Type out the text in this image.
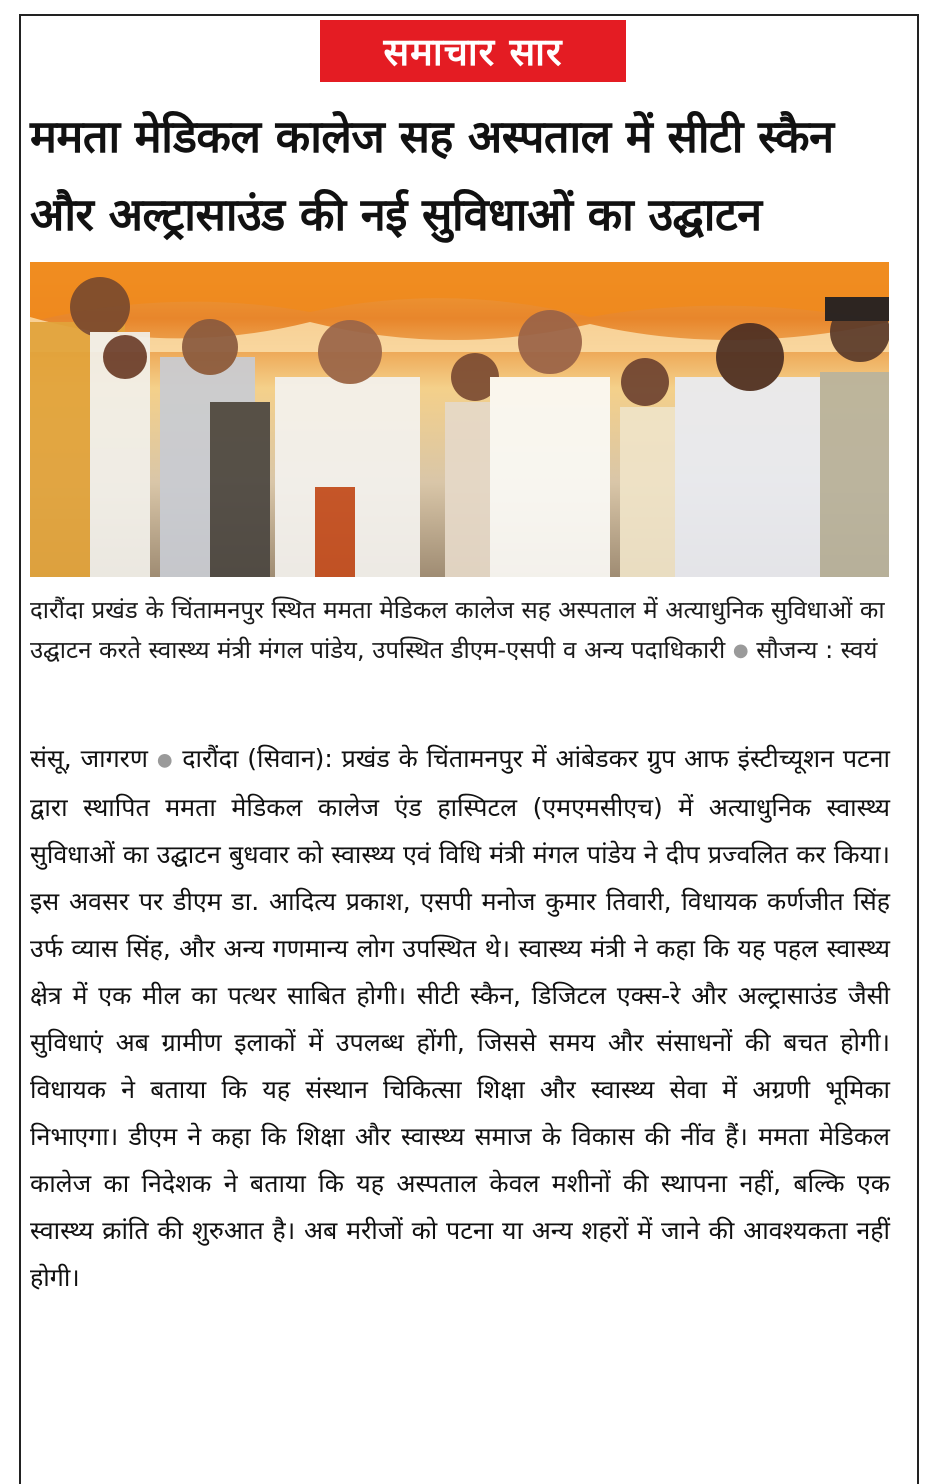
समाचार सार
ममता मेडिकल कालेज सह अस्पताल में सीटी स्कैन और अल्ट्रासाउंड की नई सुविधाओं का उद्घाटन

दारौंदा प्रखंड के चिंतामनपुर स्थित ममता मेडिकल कालेज सह अस्पताल में अत्याधुनिक सुविधाओं का उद्घाटन करते स्वास्थ्य मंत्री मंगल पांडेय, उपस्थित डीएम-एसपी व अन्य पदाधिकारी ● सौजन्य : स्वयं

संसू, जागरण ● दारौंदा (सिवान): प्रखंड के चिंतामनपुर में आंबेडकर ग्रुप आफ इंस्टीच्यूशन पटना द्वारा स्थापित ममता मेडिकल कालेज एंड हास्पिटल (एमएमसीएच) में अत्याधुनिक स्वास्थ्य सुविधाओं का उद्घाटन बुधवार को स्वास्थ्य एवं विधि मंत्री मंगल पांडेय ने दीप प्रज्वलित कर किया। इस अवसर पर डीएम डा. आदित्य प्रकाश, एसपी मनोज कुमार तिवारी, विधायक कर्णजीत सिंह उर्फ व्यास सिंह, और अन्य गणमान्य लोग उपस्थित थे। स्वास्थ्य मंत्री ने कहा कि यह पहल स्वास्थ्य क्षेत्र में एक मील का पत्थर साबित होगी। सीटी स्कैन, डिजिटल एक्स-रे और अल्ट्रासाउंड जैसी सुविधाएं अब ग्रामीण इलाकों में उपलब्ध होंगी, जिससे समय और संसाधनों की बचत होगी। विधायक ने बताया कि यह संस्थान चिकित्सा शिक्षा और स्वास्थ्य सेवा में अग्रणी भूमिका निभाएगा। डीएम ने कहा कि शिक्षा और स्वास्थ्य समाज के विकास की नींव हैं। ममता मेडिकल कालेज का निदेशक ने बताया कि यह अस्पताल केवल मशीनों की स्थापना नहीं, बल्कि एक स्वास्थ्य क्रांति की शुरुआत है। अब मरीजों को पटना या अन्य शहरों में जाने की आवश्यकता नहीं होगी।
